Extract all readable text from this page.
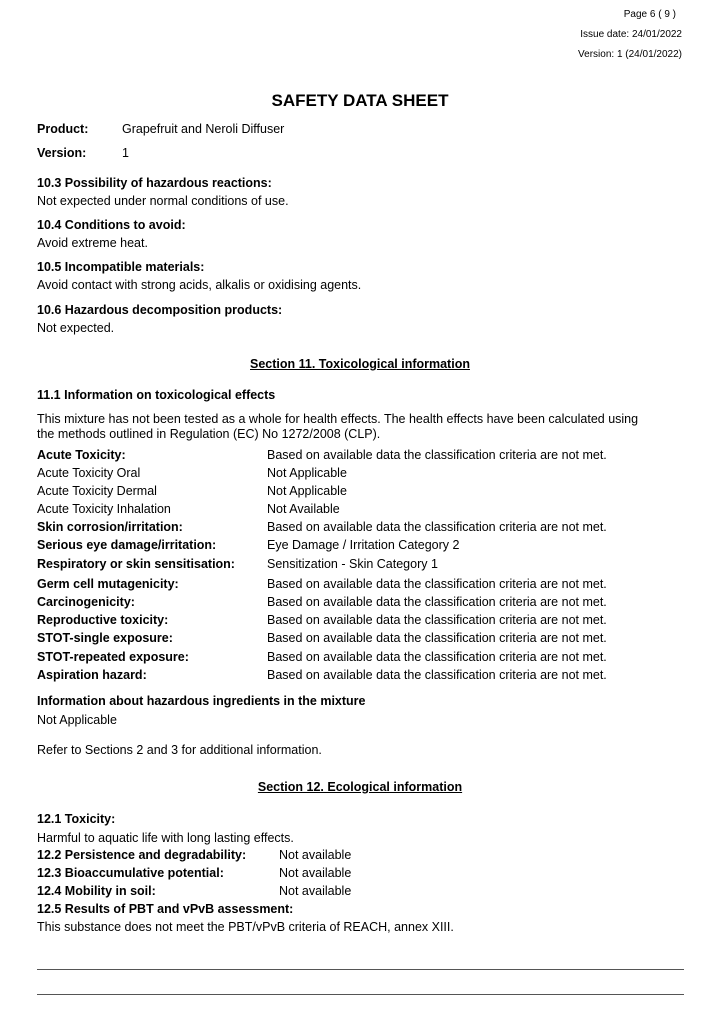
Page 6 ( 9 )
Issue date: 24/01/2022
Version: 1 (24/01/2022)
SAFETY DATA SHEET
Product:	Grapefruit and Neroli Diffuser
Version:	1
10.3 Possibility of hazardous reactions:
Not expected under normal conditions of use.
10.4 Conditions to avoid:
Avoid extreme heat.
10.5 Incompatible materials:
Avoid contact with strong acids, alkalis or oxidising agents.
10.6 Hazardous decomposition products:
Not expected.
Section 11. Toxicological information
11.1 Information on toxicological effects
This mixture has not been tested as a whole for health effects. The health effects have been calculated using the methods outlined in Regulation (EC) No 1272/2008 (CLP).
Acute Toxicity:	Based on available data the classification criteria are not met.
Acute Toxicity Oral	Not Applicable
Acute Toxicity Dermal	Not Applicable
Acute Toxicity Inhalation	Not Available
Skin corrosion/irritation:	Based on available data the classification criteria are not met.
Serious eye damage/irritation:	Eye Damage / Irritation Category 2
Respiratory or skin sensitisation:	Sensitization - Skin Category 1
Germ cell mutagenicity:	Based on available data the classification criteria are not met.
Carcinogenicity:	Based on available data the classification criteria are not met.
Reproductive toxicity:	Based on available data the classification criteria are not met.
STOT-single exposure:	Based on available data the classification criteria are not met.
STOT-repeated exposure:	Based on available data the classification criteria are not met.
Aspiration hazard:	Based on available data the classification criteria are not met.
Information about hazardous ingredients in the mixture
Not Applicable
Refer to Sections 2 and 3 for additional information.
Section 12. Ecological information
12.1 Toxicity:
Harmful to aquatic life with long lasting effects.
12.2 Persistence and degradability:	Not available
12.3 Bioaccumulative potential:	Not available
12.4 Mobility in soil:	Not available
12.5 Results of PBT and vPvB assessment:
This substance does not meet the PBT/vPvB criteria of REACH, annex XIII.
